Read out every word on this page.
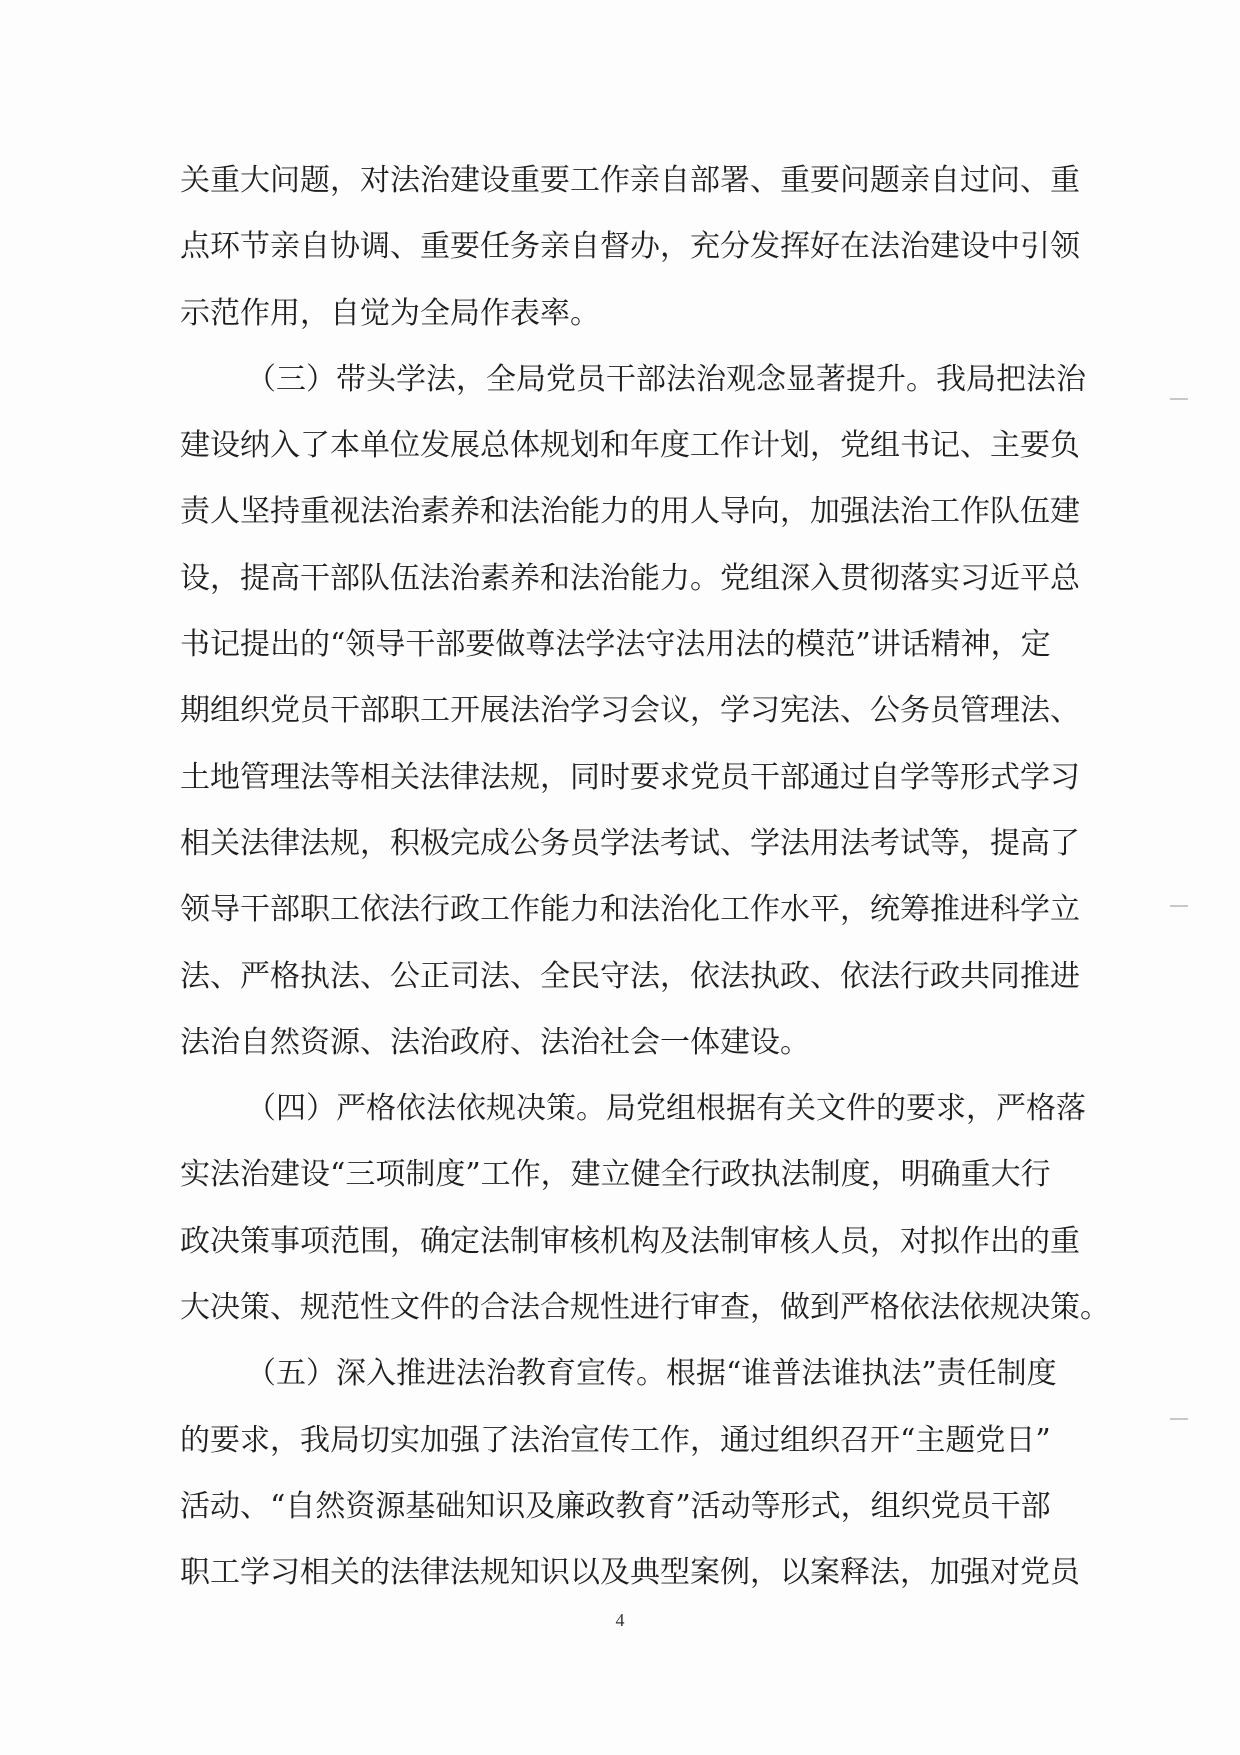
关重大问题，对法治建设重要工作亲自部署、重要问题亲自过问、重
点环节亲自协调、重要任务亲自督办，充分发挥好在法治建设中引领
示范作用，自觉为全局作表率。
（三）带头学法，全局党员干部法治观念显著提升。我局把法治
建设纳入了本单位发展总体规划和年度工作计划，党组书记、主要负
责人坚持重视法治素养和法治能力的用人导向，加强法治工作队伍建
设，提高干部队伍法治素养和法治能力。党组深入贯彻落实习近平总
书记提出的“领导干部要做尊法学法守法用法的模范”讲话精神，定
期组织党员干部职工开展法治学习会议，学习宪法、公务员管理法、
土地管理法等相关法律法规，同时要求党员干部通过自学等形式学习
相关法律法规，积极完成公务员学法考试、学法用法考试等，提高了
领导干部职工依法行政工作能力和法治化工作水平，统筹推进科学立
法、严格执法、公正司法、全民守法，依法执政、依法行政共同推进
法治自然资源、法治政府、法治社会一体建设。
（四）严格依法依规决策。局党组根据有关文件的要求，严格落
实法治建设“三项制度”工作，建立健全行政执法制度，明确重大行
政决策事项范围，确定法制审核机构及法制审核人员，对拟作出的重
大决策、规范性文件的合法合规性进行审查，做到严格依法依规决策。
（五）深入推进法治教育宣传。根据“谁普法谁执法”责任制度
的要求，我局切实加强了法治宣传工作，通过组织召开“主题党日”
活动、“自然资源基础知识及廉政教育”活动等形式，组织党员干部
职工学习相关的法律法规知识以及典型案例，以案释法，加强对党员
4
